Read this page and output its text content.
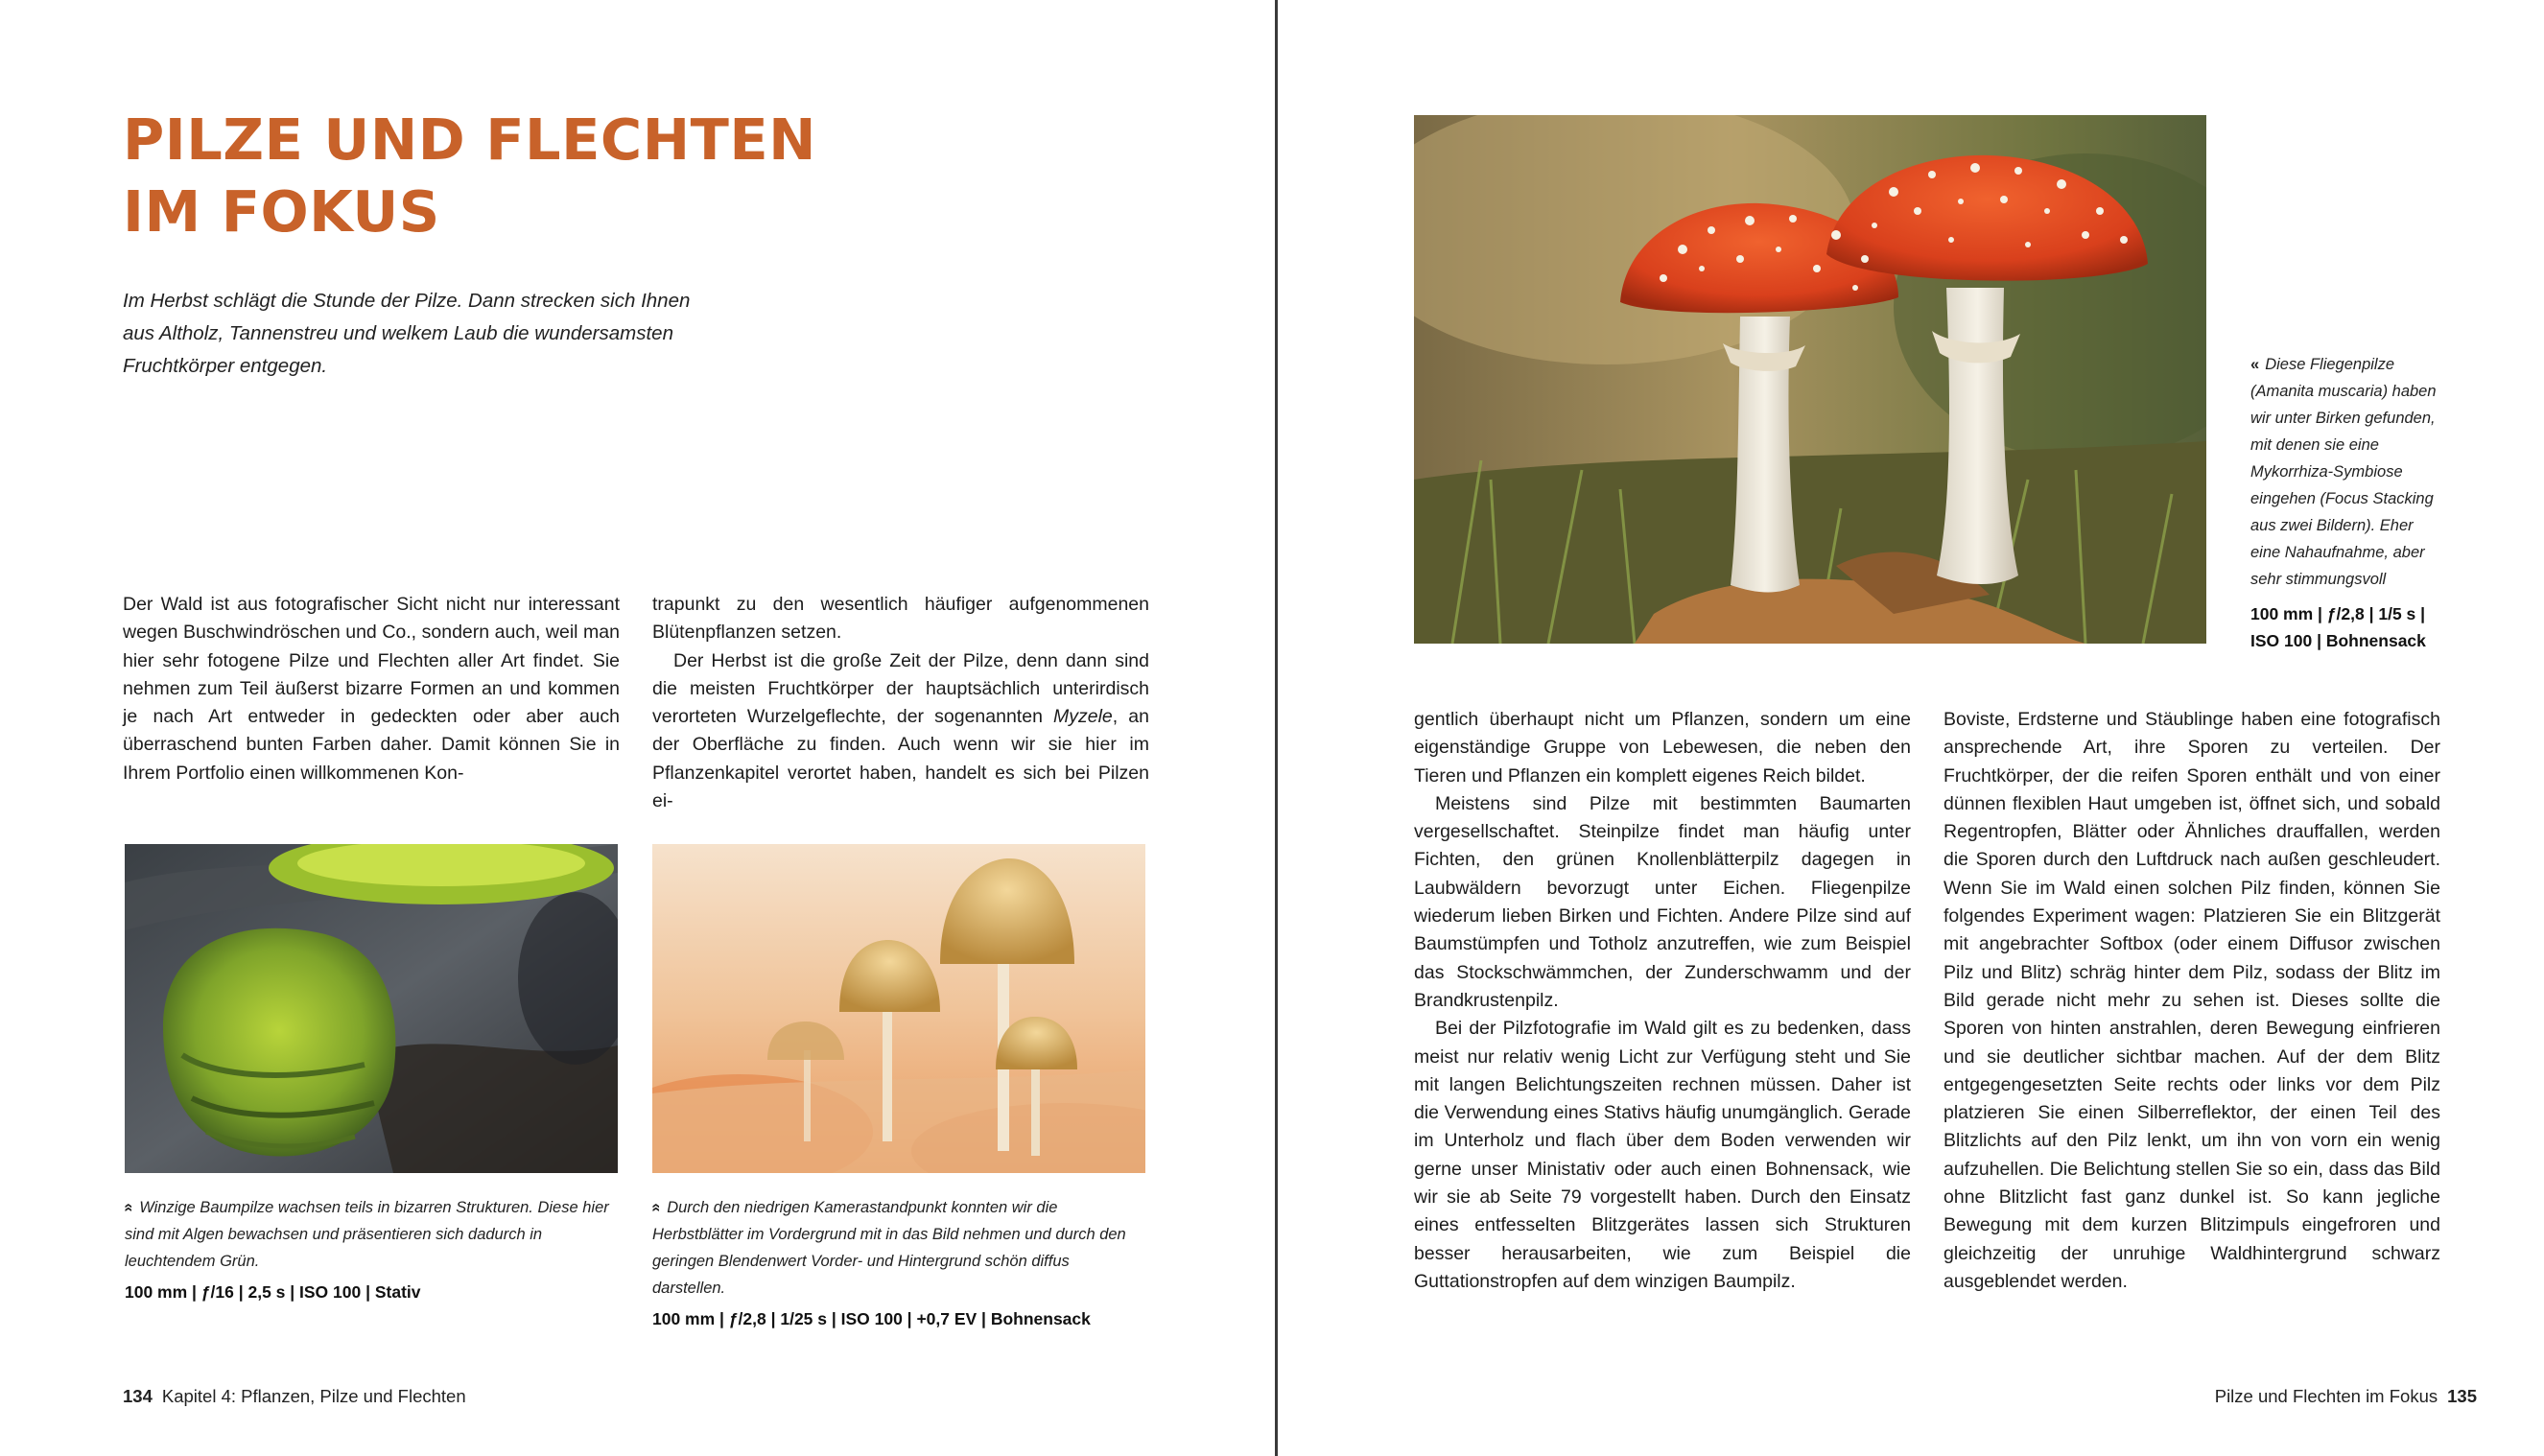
PILZE UND FLECHTEN
IM FOKUS

Im Herbst schlägt die Stunde der Pilze. Dann strecken sich Ihnen aus Altholz, Tannenstreu und welkem Laub die wundersamsten Fruchtkörper entgegen.

Der Wald ist aus fotografischer Sicht nicht nur interessant wegen Buschwindröschen und Co., sondern auch, weil man hier sehr fotogene Pilze und Flechten aller Art findet. Sie nehmen zum Teil äußerst bizarre Formen an und kommen je nach Art entweder in gedeckten oder aber auch überraschend bunten Farben daher. Damit können Sie in Ihrem Portfolio einen willkommenen Kon-

trapunkt zu den wesentlich häufiger aufgenommenen Blütenpflanzen setzen.

Der Herbst ist die große Zeit der Pilze, denn dann sind die meisten Fruchtkörper der hauptsächlich unterirdisch verorteten Wurzelgeflechte, der sogenannten Myzele, an der Oberfläche zu finden. Auch wenn wir sie hier im Pflanzenkapitel verortet haben, handelt es sich bei Pilzen ei-

«Winzige Baumpilze wachsen teils in bizarren Strukturen. Diese hier sind mit Algen bewachsen und präsentieren sich dadurch in leuchtendem Grün.

100 mm | ƒ/16 | 2,5 s | ISO 100 | Stativ

«Durch den niedrigen Kamerastandpunkt konnten wir die Herbstblätter im Vordergrund mit in das Bild nehmen und durch den geringen Blendenwert Vorder- und Hintergrund schön diffus darstellen.

100 mm | ƒ/2,8 | 1/25 s | ISO 100 | +0,7 EV | Bohnensack

134 Kapitel 4: Pflanzen, Pilze und Flechten

« Diese Fliegenpilze (Amanita muscaria) haben wir unter Birken gefunden, mit denen sie eine Mykorrhiza-Symbiose eingehen (Focus Stacking aus zwei Bildern). Eher eine Nahaufnahme, aber sehr stimmungsvoll

100 mm | ƒ/2,8 | 1/5 s |
ISO 100 | Bohnensack

gentlich überhaupt nicht um Pflanzen, sondern um eine eigenständige Gruppe von Lebewesen, die neben den Tieren und Pflanzen ein komplett eigenes Reich bildet.

Meistens sind Pilze mit bestimmten Baumarten vergesellschaftet. Steinpilze findet man häufig unter Fichten, den grünen Knollenblätterpilz dagegen in Laubwäldern bevorzugt unter Eichen. Fliegenpilze wiederum lieben Birken und Fichten. Andere Pilze sind auf Baumstümpfen und Totholz anzutreffen, wie zum Beispiel das Stockschwämmchen, der Zunderschwamm und der Brandkrustenpilz.

Bei der Pilzfotografie im Wald gilt es zu bedenken, dass meist nur relativ wenig Licht zur Verfügung steht und Sie mit langen Belichtungszeiten rechnen müssen. Daher ist die Verwendung eines Stativs häufig unumgänglich. Gerade im Unterholz und flach über dem Boden verwenden wir gerne unser Ministativ oder auch einen Bohnensack, wie wir sie ab Seite 79 vorgestellt haben. Durch den Einsatz eines entfesselten Blitzgerätes lassen sich Strukturen besser herausarbeiten, wie zum Beispiel die Guttationstropfen auf dem winzigen Baumpilz.

Boviste, Erdsterne und Stäublinge haben eine fotografisch ansprechende Art, ihre Sporen zu verteilen. Der Fruchtkörper, der die reifen Sporen enthält und von einer dünnen flexiblen Haut umgeben ist, öffnet sich, und sobald Regentropfen, Blätter oder Ähnliches drauffallen, werden die Sporen durch den Luftdruck nach außen geschleudert. Wenn Sie im Wald einen solchen Pilz finden, können Sie folgendes Experiment wagen: Platzieren Sie ein Blitzgerät mit angebrachter Softbox (oder einem Diffusor zwischen Pilz und Blitz) schräg hinter dem Pilz, sodass der Blitz im Bild gerade nicht mehr zu sehen ist. Dieses sollte die Sporen von hinten anstrahlen, deren Bewegung einfrieren und sie deutlicher sichtbar machen. Auf der dem Blitz entgegengesetzten Seite rechts oder links vor dem Pilz platzieren Sie einen Silberreflektor, der einen Teil des Blitzlichts auf den Pilz lenkt, um ihn von vorn ein wenig aufzuhellen. Die Belichtung stellen Sie so ein, dass das Bild ohne Blitzlicht fast ganz dunkel ist. So kann jegliche Bewegung mit dem kurzen Blitzimpuls eingefroren und gleichzeitig der unruhige Waldhintergrund schwarz ausgeblendet werden.

Pilze und Flechten im Fokus 135
